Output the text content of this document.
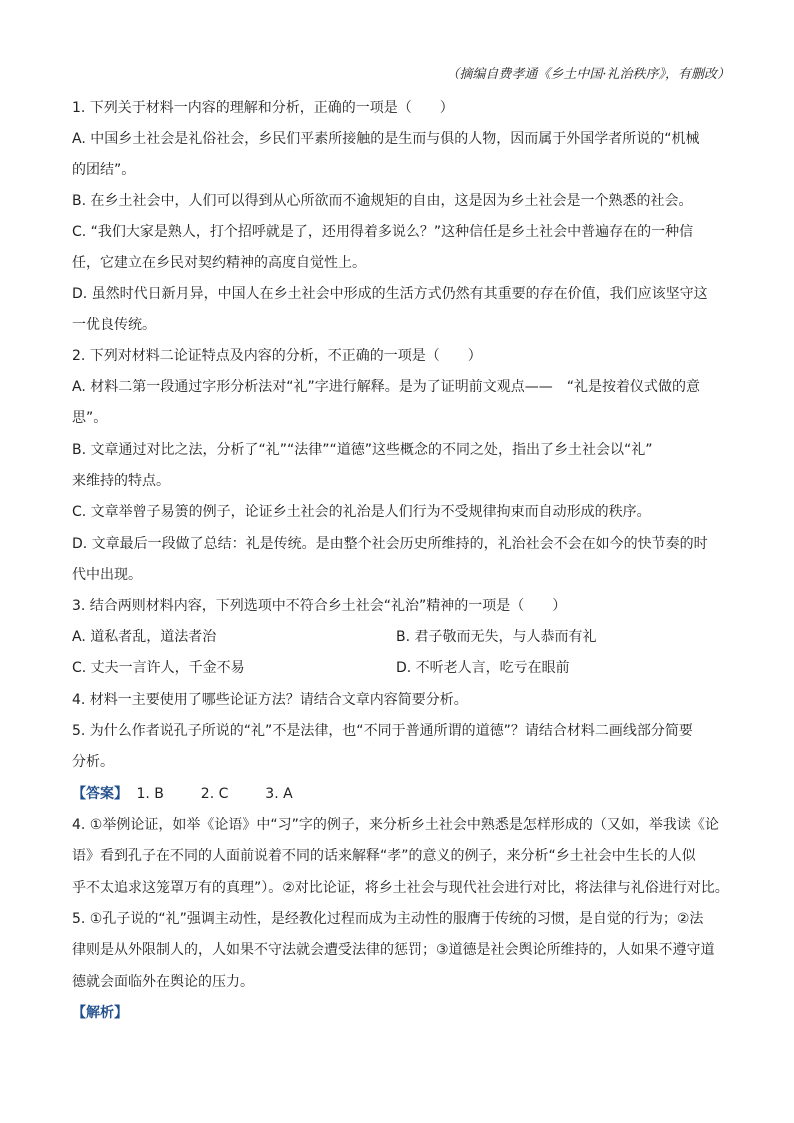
（摘编自费孝通《乡土中国·礼治秩序》，有删改）
1. 下列关于材料一内容的理解和分析，正确的一项是（　　）
A. 中国乡土社会是礼俗社会，乡民们平素所接触的是生而与俱的人物，因而属于外国学者所说的“机械
的团结”。
B. 在乡土社会中，人们可以得到从心所欲而不逾规矩的自由，这是因为乡土社会是一个熟悉的社会。
C. “我们大家是熟人，打个招呼就是了，还用得着多说么？”这种信任是乡土社会中普遍存在的一种信
任，它建立在乡民对契约精神的高度自觉性上。
D. 虽然时代日新月异，中国人在乡土社会中形成的生活方式仍然有其重要的存在价值，我们应该坚守这
一优良传统。
2. 下列对材料二论证特点及内容的分析，不正确的一项是（　　）
A. 材料二第一段通过字形分析法对“礼”字进行解释。是为了证明前文观点——　“礼是按着仪式做的意
思”。
B. 文章通过对比之法，分析了“礼”“法律”“道德”这些概念的不同之处，指出了乡土社会以“礼”
来维持的特点。
C. 文章举曾子易箦的例子，论证乡土社会的礼治是人们行为不受规律拘束而自动形成的秩序。
D. 文章最后一段做了总结：礼是传统。是由整个社会历史所维持的，礼治社会不会在如今的快节奏的时
代中出现。
3. 结合两则材料内容，下列选项中不符合乡土社会“礼治”精神的一项是（　　）
A. 道私者乱，道法者治	B. 君子敬而无失，与人恭而有礼
C. 丈夫一言许人，千金不易	D. 不听老人言，吃亏在眼前
4. 材料一主要使用了哪些论证方法？请结合文章内容简要分析。
5. 为什么作者说孔子所说的“礼”不是法律，也“不同于普通所谓的道德”？请结合材料二画线部分简要
分析。
【答案】 1. B	2. C	3. A
4. ①举例论证，如举《论语》中“习”字的例子，来分析乡土社会中熟悉是怎样形成的（又如，举我读《论
语》看到孔子在不同的人面前说着不同的话来解释“孝”的意义的例子，来分析“乡土社会中生长的人似
乎不太追求这笼罩万有的真理”）。②对比论证，将乡土社会与现代社会进行对比，将法律与礼俗进行对比。
5. ①孔子说的“礼”强调主动性，是经教化过程而成为主动性的服膺于传统的习惯，是自觉的行为；②法
律则是从外限制人的，人如果不守法就会遭受法律的惩罚；③道德是社会舆论所维持的，人如果不遵守道
德就会面临外在舆论的压力。
【解析】
